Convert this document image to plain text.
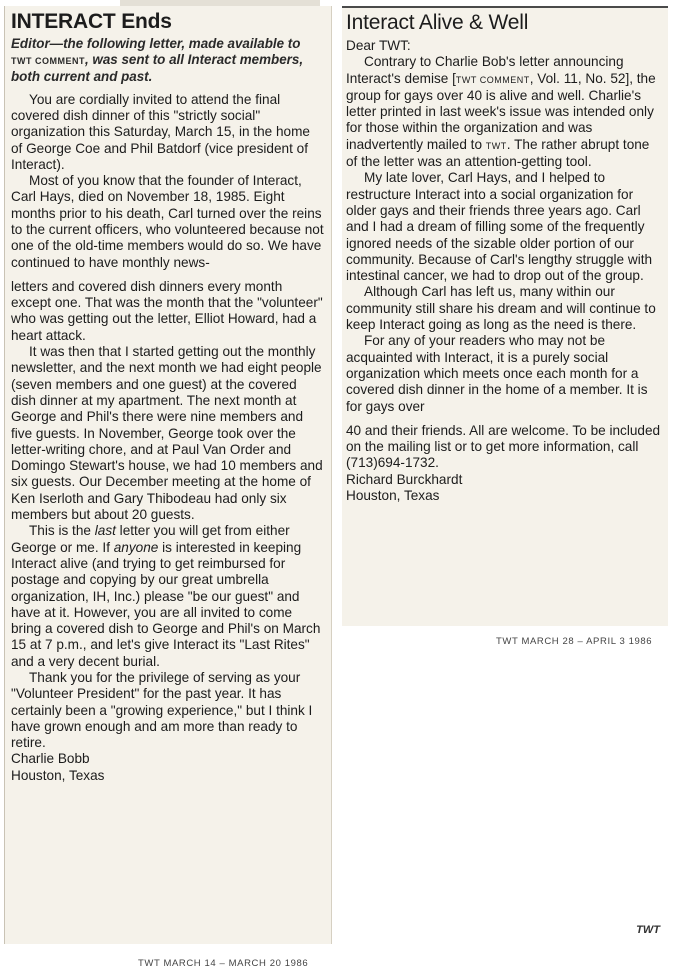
INTERACT Ends
Editor—the following letter, made available to TWT COMMENT, was sent to all Interact members, both current and past.
You are cordially invited to attend the final covered dish dinner of this "strictly social" organization this Saturday, March 15, in the home of George Coe and Phil Batdorf (vice president of Interact).
Most of you know that the founder of Interact, Carl Hays, died on November 18, 1985. Eight months prior to his death, Carl turned over the reins to the current officers, who volunteered because not one of the old-time members would do so. We have continued to have monthly news-
letters and covered dish dinners every month except one. That was the month that the "volunteer" who was getting out the letter, Elliot Howard, had a heart attack.
It was then that I started getting out the monthly newsletter, and the next month we had eight people (seven members and one guest) at the covered dish dinner at my apartment. The next month at George and Phil's there were nine members and five guests. In November, George took over the letter-writing chore, and at Paul Van Order and Domingo Stewart's house, we had 10 members and six guests. Our December meeting at the home of Ken Iserloth and Gary Thibodeau had only six members but about 20 guests.
This is the last letter you will get from either George or me. If anyone is interested in keeping Interact alive (and trying to get reimbursed for postage and copying by our great umbrella organization, IH, Inc.) please "be our guest" and have at it. However, you are all invited to come bring a covered dish to George and Phil's on March 15 at 7 p.m., and let's give Interact its "Last Rites" and a very decent burial.
Thank you for the privilege of serving as your "Volunteer President" for the past year. It has certainly been a "growing experience," but I think I have grown enough and am more than ready to retire.
Charlie Bobb
Houston, Texas
TWT
TWT MARCH 14 – MARCH 20 1986
Interact Alive & Well
Dear TWT:
Contrary to Charlie Bob's letter announcing Interact's demise [TWT COMMENT, Vol. 11, No. 52], the group for gays over 40 is alive and well. Charlie's letter printed in last week's issue was intended only for those within the organization and was inadvertently mailed to TWT. The rather abrupt tone of the letter was an attention-getting tool.
My late lover, Carl Hays, and I helped to restructure Interact into a social organization for older gays and their friends three years ago. Carl and I had a dream of filling some of the frequently ignored needs of the sizable older portion of our community. Because of Carl's lengthy struggle with intestinal cancer, we had to drop out of the group.
Although Carl has left us, many within our community still share his dream and will continue to keep Interact going as long as the need is there.
For any of your readers who may not be acquainted with Interact, it is a purely social organization which meets once each month for a covered dish dinner in the home of a member. It is for gays over
40 and their friends. All are welcome. To be included on the mailing list or to get more information, call (713)694-1732.
Richard Burckhardt
Houston, Texas
TWT MARCH 28 – APRIL 3 1986
